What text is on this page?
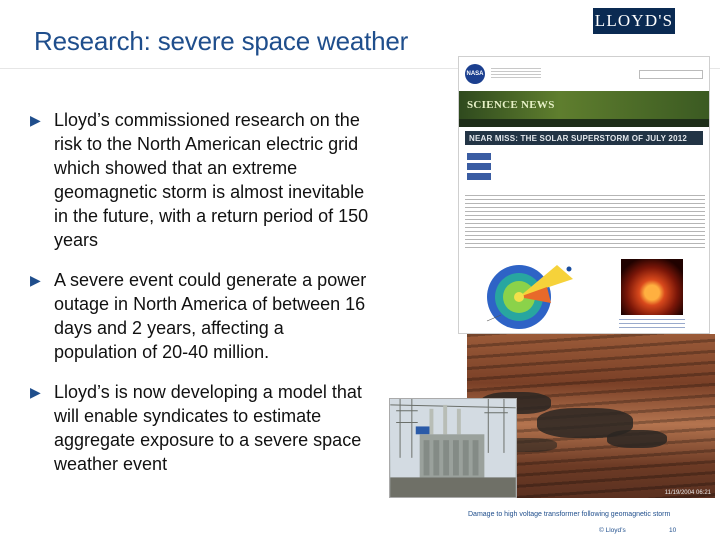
Research: severe space weather
LLOYD'S
▶ Lloyd’s commissioned research on the risk to the North American electric grid which showed that an extreme geomagnetic storm is almost inevitable in the future, with a return period of 150 years
▶ A severe event could generate a power outage in North America of between 16 days and 2 years, affecting a population of 20-40 million.
▶ Lloyd’s is now developing a model that will enable syndicates to estimate aggregate exposure to a severe space weather event
NASA
SCIENCE NEWS
NEAR MISS: THE SOLAR SUPERSTORM OF JULY 2012
11/19/2004 06:21
Damage to high voltage transformer following geomagnetic storm
© Lloyd’s	10
